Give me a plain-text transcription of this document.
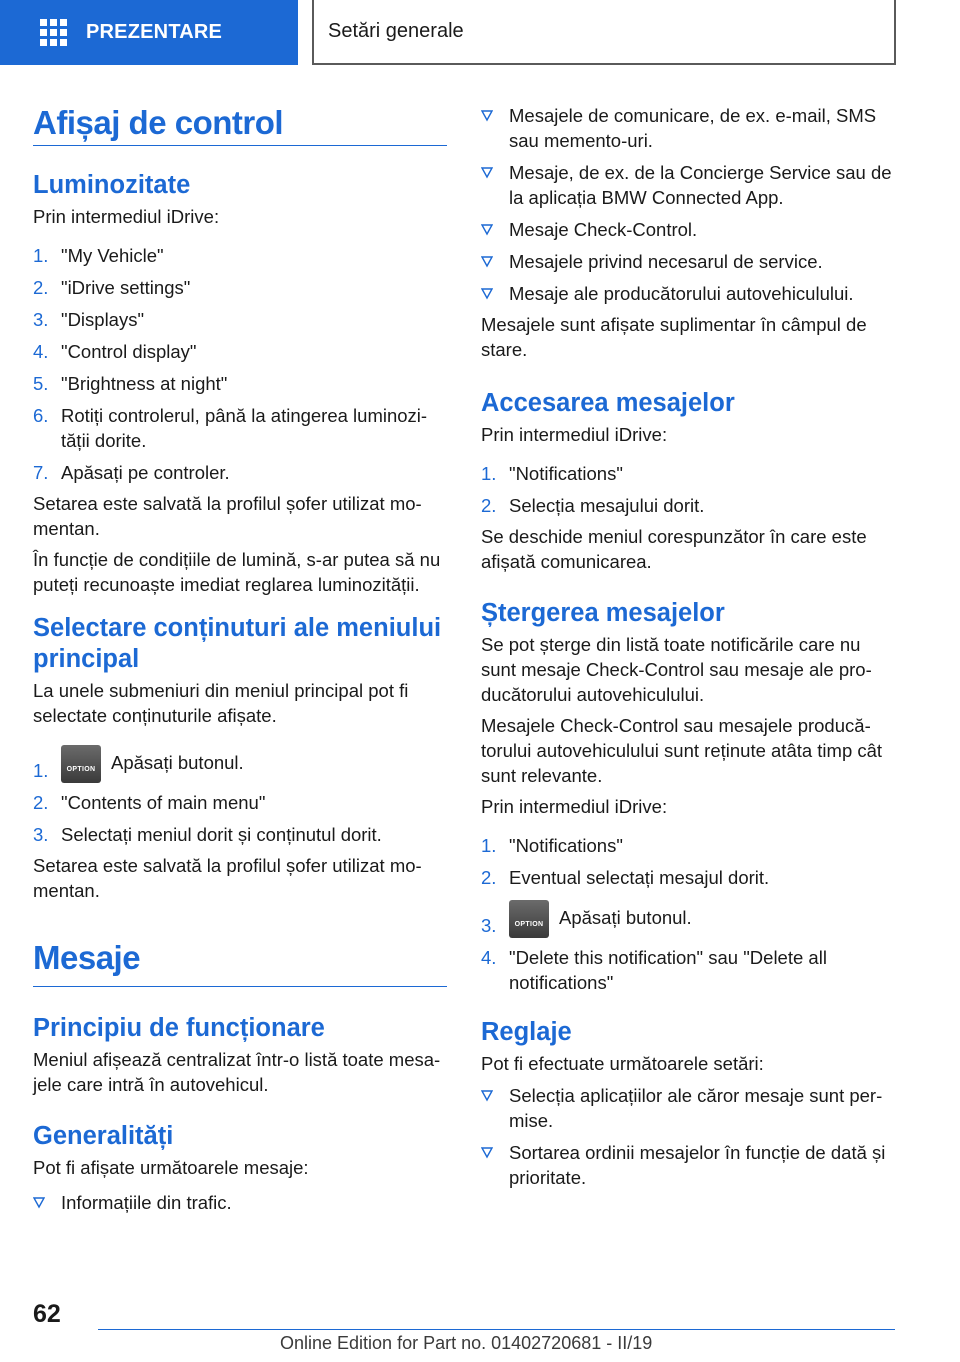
PREZENTARE	Setări generale
Afișaj de control
Luminozitate

Prin intermediul iDrive:

1. "My Vehicle"
2. "iDrive settings"
3. "Displays"
4. "Control display"
5. "Brightness at night"
6. Rotiți controlerul, până la atingerea luminozității dorite.
7. Apăsați pe controler.

Setarea este salvată la profilul șofer utilizat momentan.

În funcție de condițiile de lumină, s-ar putea să nu puteți recunoaște imediat reglarea luminozității.

Selectare conținuturi ale meniului principal

La unele submeniuri din meniul principal pot fi selectate conținuturile afișate.

1.	OPTION Apăsați butonul.
2. "Contents of main menu"
3. Selectați meniul dorit și conținutul dorit.

Setarea este salvată la profilul șofer utilizat momentan.

Mesaje
Principiu de funcționare

Meniul afișează centralizat într-o listă toate mesajele care intră în autovehicul.

Generalități

Pot fi afișate următoarele mesaje:

Informațiile din trafic.
Mesajele de comunicare, de ex. e-mail, SMS sau memento-uri.
Mesaje, de ex. de la Concierge Service sau de la aplicația BMW Connected App.
Mesaje Check-Control.
Mesajele privind necesarul de service.
Mesaje ale producătorului autovehiculului.

Mesajele sunt afișate suplimentar în câmpul de stare.

Accesarea mesajelor

Prin intermediul iDrive:

1. "Notifications"
2. Selecția mesajului dorit.

Se deschide meniul corespunzător în care este afișată comunicarea.

Ștergerea mesajelor

Se pot șterge din listă toate notificările care nu sunt mesaje Check-Control sau mesaje ale producătorului autovehiculului.

Mesajele Check-Control sau mesajele producătorului autovehiculului sunt reținute atâta timp cât sunt relevante.

Prin intermediul iDrive:

1. "Notifications"
2. Eventual selectați mesajul dorit.
3.	OPTION Apăsați butonul.
4. "Delete this notification" sau "Delete all notifications"
Reglaje

Pot fi efectuate următoarele setări:

Selecția aplicațiilor ale căror mesaje sunt permise.
Sortarea ordinii mesajelor în funcție de dată și prioritate.
62
Online Edition for Part no. 01402720681 - II/19
